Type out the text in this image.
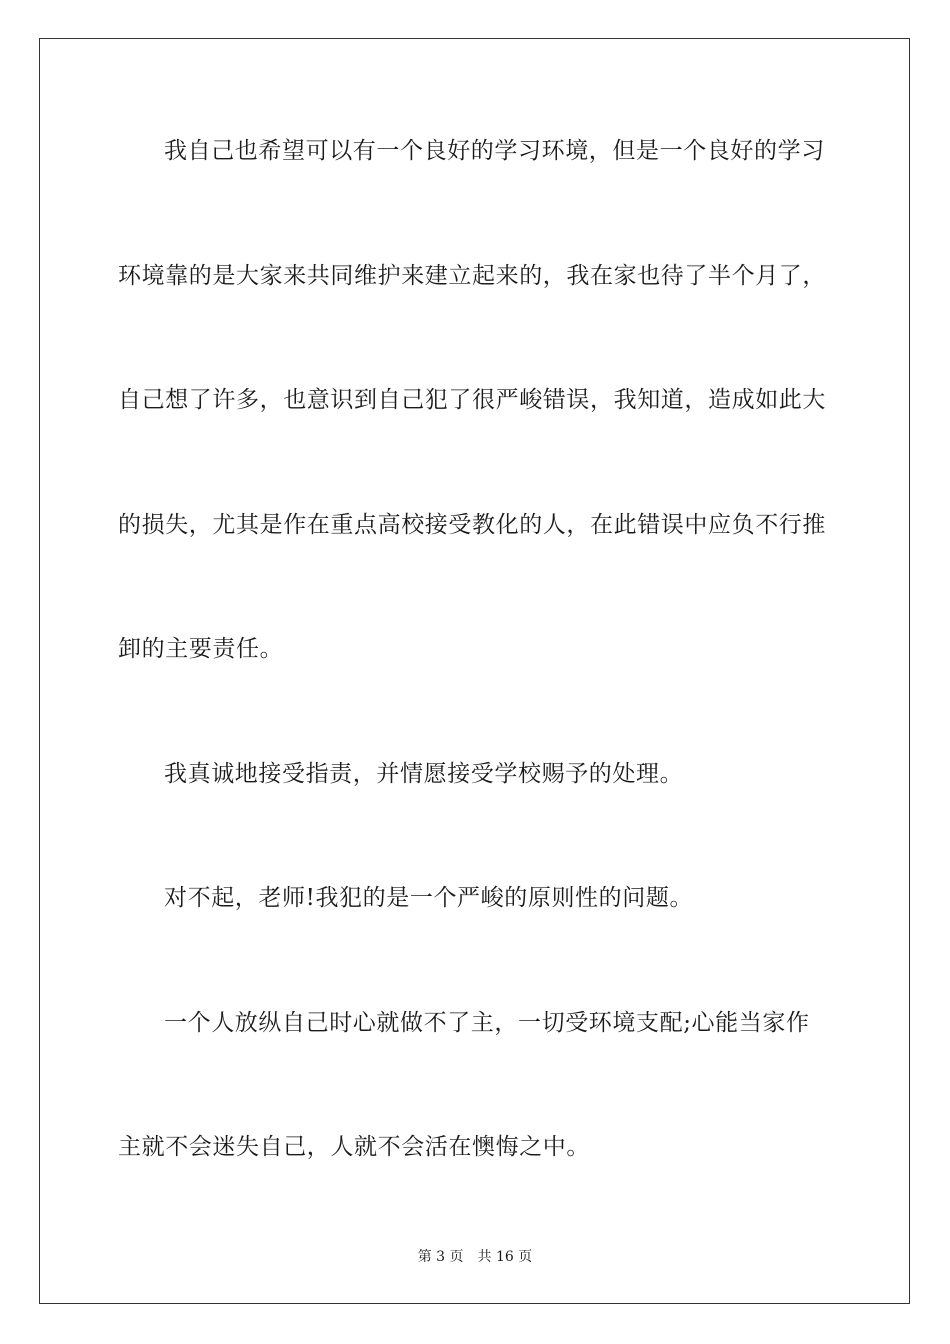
我自己也希望可以有一个良好的学习环境，但是一个良好的学习
环境靠的是大家来共同维护来建立起来的，我在家也待了半个月了，
自己想了许多，也意识到自己犯了很严峻错误，我知道，造成如此大
的损失，尤其是作在重点高校接受教化的人，在此错误中应负不行推
卸的主要责任。
我真诚地接受指责，并情愿接受学校赐予的处理。
对不起，老师!我犯的是一个严峻的原则性的问题。
一个人放纵自己时心就做不了主，一切受环境支配;心能当家作
主就不会迷失自己，人就不会活在懊悔之中。
第 3 页　共 16 页
